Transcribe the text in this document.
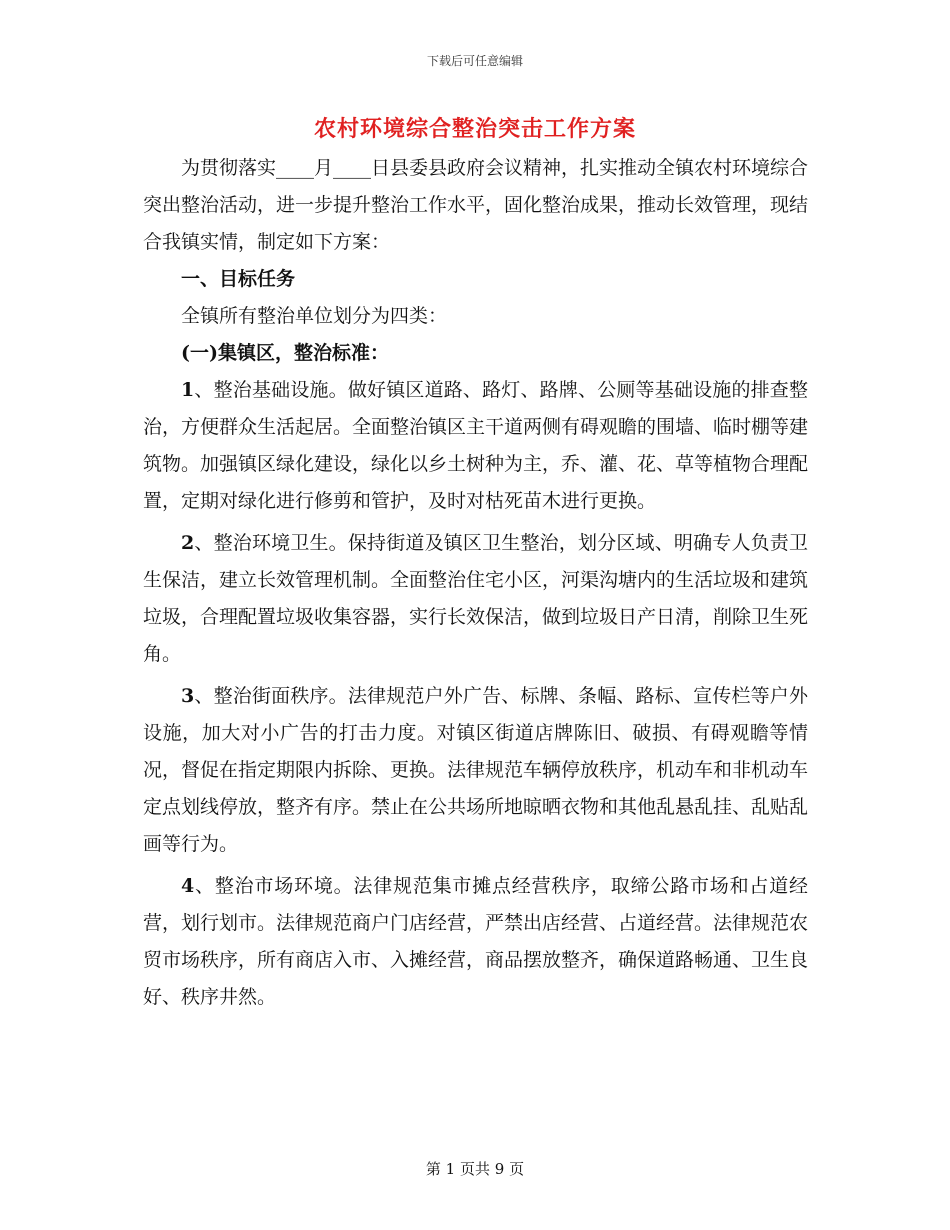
下载后可任意编辑
农村环境综合整治突击工作方案

为贯彻落实____月____日县委县政府会议精神，扎实推动全镇农村环境综合突出整治活动，进一步提升整治工作水平，固化整治成果，推动长效管理，现结合我镇实情，制定如下方案：

一、目标任务

全镇所有整治单位划分为四类：

(一)集镇区，整治标准：

1、整治基础设施。做好镇区道路、路灯、路牌、公厕等基础设施的排查整治，方便群众生活起居。全面整治镇区主干道两侧有碍观瞻的围墙、临时棚等建筑物。加强镇区绿化建设，绿化以乡土树种为主，乔、灌、花、草等植物合理配置，定期对绿化进行修剪和管护，及时对枯死苗木进行更换。

2、整治环境卫生。保持街道及镇区卫生整治，划分区域、明确专人负责卫生保洁，建立长效管理机制。全面整治住宅小区，河渠沟塘内的生活垃圾和建筑垃圾，合理配置垃圾收集容器，实行长效保洁，做到垃圾日产日清，削除卫生死角。

3、整治街面秩序。法律规范户外广告、标牌、条幅、路标、宣传栏等户外设施，加大对小广告的打击力度。对镇区街道店牌陈旧、破损、有碍观瞻等情况，督促在指定期限内拆除、更换。法律规范车辆停放秩序，机动车和非机动车定点划线停放，整齐有序。禁止在公共场所地晾晒衣物和其他乱悬乱挂、乱贴乱画等行为。

4、整治市场环境。法律规范集市摊点经营秩序，取缔公路市场和占道经营，划行划市。法律规范商户门店经营，严禁出店经营、占道经营。法律规范农贸市场秩序，所有商店入市、入摊经营，商品摆放整齐，确保道路畅通、卫生良好、秩序井然。

第 1 页共 9 页
